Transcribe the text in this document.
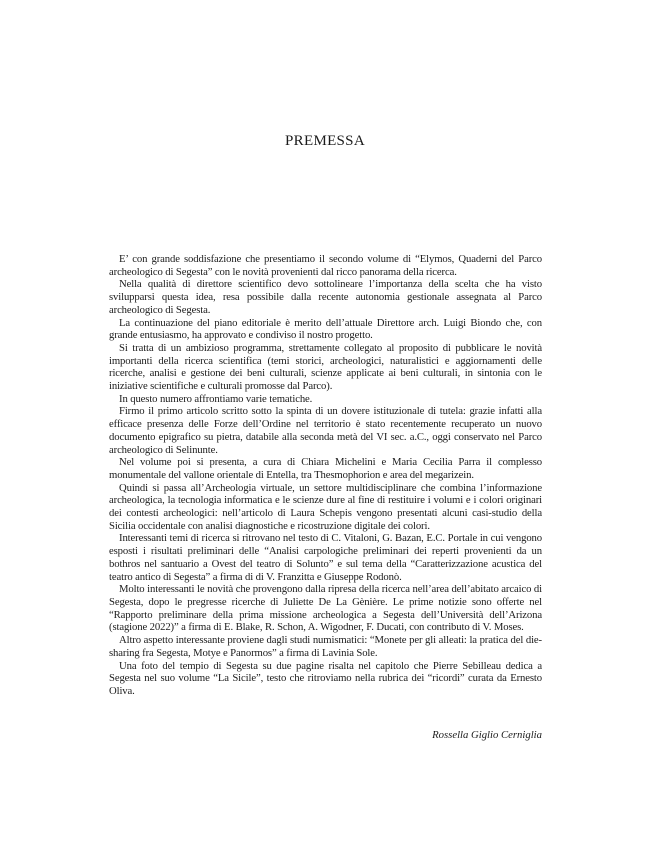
PREMESSA

E’ con grande soddisfazione che presentiamo il secondo volume di “Elymos, Quaderni del Parco archeologico di Segesta” con le novità provenienti dal ricco panorama della ricerca.

Nella qualità di direttore scientifico devo sottolineare l’importanza della scelta che ha visto svilupparsi questa idea, resa possibile dalla recente autonomia gestionale assegnata al Parco archeologico di Segesta.

La continuazione del piano editoriale è merito dell’attuale Direttore arch. Luigi Biondo che, con grande entusiasmo, ha approvato e condiviso il nostro progetto.

Si tratta di un ambizioso programma, strettamente collegato al proposito di pubblicare le novità importanti della ricerca scientifica (temi storici, archeologici, naturalistici e aggiornamenti delle ricerche, analisi e gestione dei beni culturali, scienze applicate ai beni culturali, in sintonia con le iniziative scientifiche e culturali promosse dal Parco).

In questo numero affrontiamo varie tematiche.

Firmo il primo articolo scritto sotto la spinta di un dovere istituzionale di tutela: grazie infatti alla efficace presenza delle Forze dell’Ordine nel territorio è stato recentemente recuperato un nuovo documento epigrafico su pietra, databile alla seconda metà del VI sec. a.C., oggi conservato nel Parco archeologico di Selinunte.

Nel volume poi si presenta, a cura di Chiara Michelini e Maria Cecilia Parra il complesso monumentale del vallone orientale di Entella, tra Thesmophorion e area del megarizein.

Quindi si passa all’Archeologia virtuale, un settore multidisciplinare che combina l’informazione archeologica, la tecnologia informatica e le scienze dure al fine di restituire i volumi e i colori originari dei contesti archeologici: nell’articolo di Laura Schepis vengono presentati alcuni casi-studio della Sicilia occidentale con analisi diagnostiche e ricostruzione digitale dei colori.

Interessanti temi di ricerca si ritrovano nel testo di C. Vitaloni, G. Bazan, E.C. Portale in cui vengono esposti i risultati preliminari delle “Analisi carpologiche preliminari dei reperti provenienti da un bothros nel santuario a Ovest del teatro di Solunto” e sul tema della “Caratterizzazione acustica del teatro antico di Segesta” a firma di di V. Franzitta e Giuseppe Rodonò.

Molto interessanti le novità che provengono dalla ripresa della ricerca nell’area dell’abitato arcaico di Segesta, dopo le pregresse ricerche di Juliette De La Gènière. Le prime notizie sono offerte nel “Rapporto preliminare della prima missione archeologica a Segesta dell’Università dell’Arizona (stagione 2022)” a firma di E. Blake, R. Schon, A. Wigodner, F. Ducati, con contributo di V. Moses.

Altro aspetto interessante proviene dagli studi numismatici: “Monete per gli alleati: la pratica del die-sharing fra Segesta, Motye e Panormos” a firma di Lavinia Sole.

Una foto del tempio di Segesta su due pagine risalta nel capitolo che Pierre Sebilleau dedica a Segesta nel suo volume “La Sicile”, testo che ritroviamo nella rubrica dei “ricordi” curata da Ernesto Oliva.

Rossella Giglio Cerniglia
